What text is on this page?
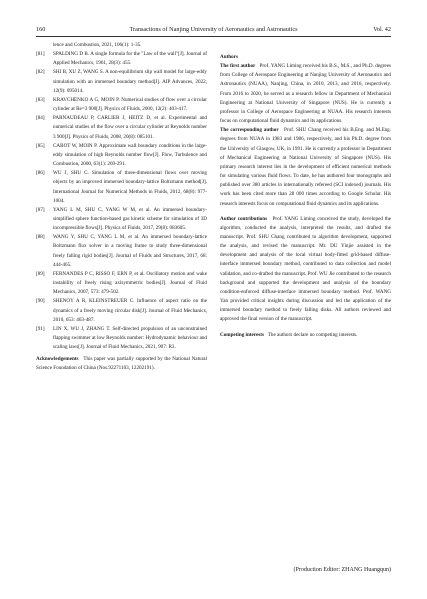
160	Transactions of Nanjing University of Aeronautics and Astronautics	Vol. 42
lence and Combustion, 2021, 106(1): 1-35.
[81]	SPALDING D B. A single formula for the "Law of the wall"[J]. Journal of Applied Mechanics, 1961, 28(3): 455.
[82]	SHI B, XU Z, WANG S. A non-equilibrium slip wall model for large-eddy simulation with an immersed boundary method[J]. AIP Advances, 2022, 12(9): 095014.
[83]	KRAVCHENKO A G, MOIN P. Numerical studies of flow over a circular cylinder at Re=3 900[J]. Physics of Fluids, 2000, 12(2): 403-417.
[84]	PARNAUDEAU P, CARLIER J, HEITZ D, et al. Experimental and numerical studies of the flow over a circular cylinder at Reynolds number 3 900[J]. Physics of Fluids, 2008, 20(8): 085101.
[85]	CABOT W, MOIN P. Approximate wall boundary conditions in the large-eddy simulation of high Reynolds number flow[J]. Flow, Turbulence and Combustion, 2000, 63(1): 269-291.
[86]	WU J, SHU C. Simulation of three-dimensional flows over moving objects by an improved immersed boundary-lattice Boltzmann method[J]. International Journal for Numerical Methods in Fluids, 2012, 68(8): 977-1004.
[87]	YANG L M, SHU C, YANG W M, et al. An immersed boundary-simplified sphere function-based gas kinetic scheme for simulation of 3D incompressible flows[J]. Physics of Fluids, 2017, 29(8): 083605.
[88]	WANG Y, SHU C, YANG L M, et al. An immersed boundary-lattice Boltzmann flux solver in a moving frame to study three-dimensional freely falling rigid bodies[J]. Journal of Fluids and Structures, 2017, 68: 444-465.
[89]	FERNANDES P C, RISSO F, ERN P, et al. Oscillatory motion and wake instability of freely rising axisymmetric bodies[J]. Journal of Fluid Mechanics, 2007, 573: 479-502.
[90]	SHENOY A R, KLEINSTREUER C. Influence of aspect ratio on the dynamics of a freely moving circular disk[J]. Journal of Fluid Mechanics, 2010, 653: 463-487.
[91]	LIN X, WU J, ZHANG T. Self-directed propulsion of an unconstrained flapping swimmer at low Reynolds number: Hydrodynamic behaviour and scaling laws[J]. Journal of Fluid Mechanics, 2021, 907: R3.

Acknowledgements This paper was partially supported by the National Natural Science Foundation of China (Nos.92271103, 12202191).

Authors

The first author Prof. YANG Liming received his B.S., M.S., and Ph.D. degrees from College of Aerospace Engineering at Nanjing University of Aeronautics and Astronautics (NUAA), Nanjing, China, in 2010, 2013, and 2016, respectively. From 2016 to 2020, he served as a research fellow in Department of Mechanical Engineering at National University of Singapore (NUS). He is currently a professor in College of Aerospace Engineering at NUAA. His research interests focus on computational fluid dynamics and its applications.

The corresponding author Prof. SHU Chang received his B.Eng. and M.Eng. degrees from NUAA in 1983 and 1986, respectively, and his Ph.D. degree from the University of Glasgow, UK, in 1991. He is currently a professor in Department of Mechanical Engineering at National University of Singapore (NUS). His primary research interest lies in the development of efficient numerical methods for simulating various fluid flows. To date, he has authored four monographs and published over 380 articles in internationally refereed (SCI indexed) journals. His work has been cited more than 28 000 times according to Google Scholar. His research interests focus on computational fluid dynamics and its applications.

Author contributions Prof. YANG Liming conceived the study, developed the algorithm, conducted the analysis, interpreted the results, and drafted the manuscript. Prof. SHU Chang contributed to algorithm development, supported the analysis, and revised the manuscript. Mr. DU Yinjie assisted in the development and analysis of the local virtual body-fitted grid-based diffuse-interface immersed boundary method, contributed to data collection and model validation, and co-drafted the manuscript. Prof. WU Jie contributed to the research background and supported the development and analysis of the boundary condition-enforced diffuse-interface immersed boundary method. Prof. WANG Yan provided critical insights during discussion and led the application of the immersed boundary method to freely falling disks. All authors reviewed and approved the final version of the manuscript.

Competing interests The authors declare no competing interests.

(Production Editor: ZHANG Huangqun)
